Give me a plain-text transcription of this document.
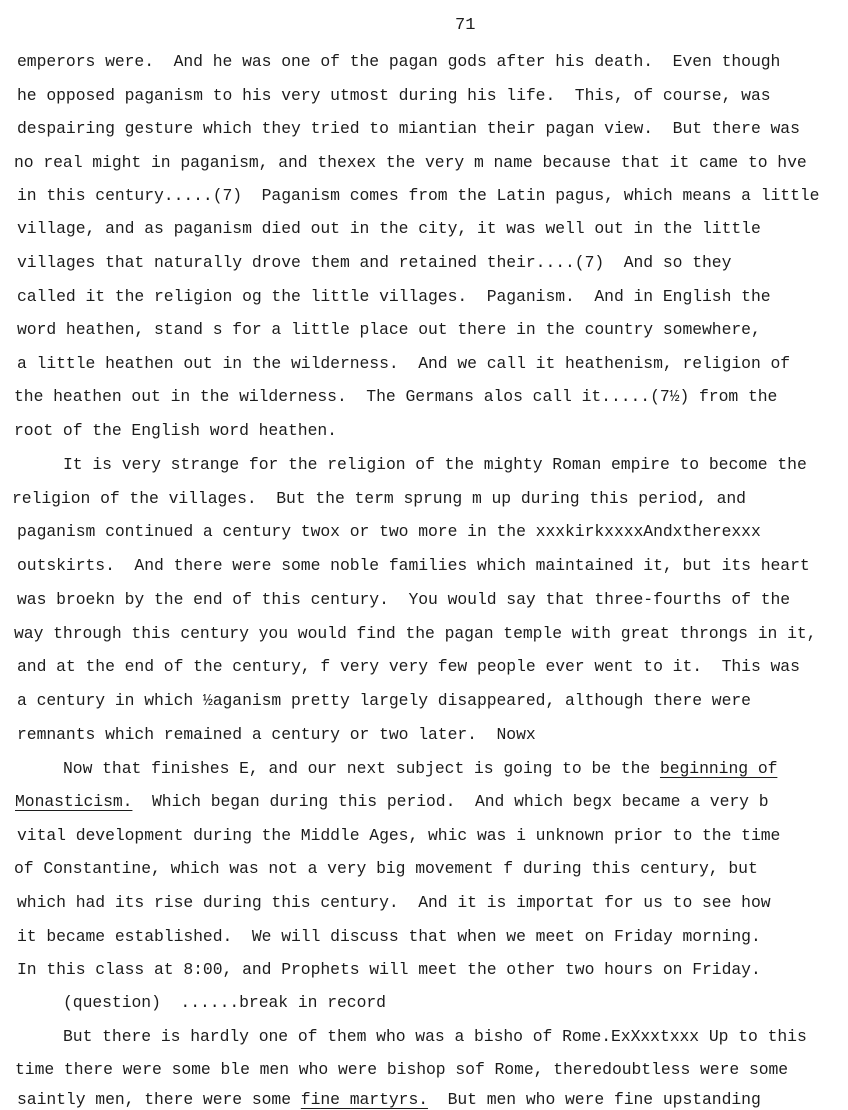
71
emperors were.  And he was one of the pagan gods after his death.  Even though
he opposed paganism to his very utmost during his life.  This, of course, was
despairing gesture which they tried to miantian their pagan view.  But there was
no real might in paganism, and thexex the very m name because that it came to hve
in this century.....(7)  Paganism comes from the Latin pagus, which means a little
village, and as paganism died out in the city, it was well out in the little
villages that naturally drove them and retained their....(7)  And so they
called it the religion og the little villages.  Paganism.  And in English the
word heathen, stand s for a little place out there in the country somewhere,
a little heathen out in the wilderness.  And we call it heathenism, religion of
the heathen out in the wilderness.  The Germans alos call it.....(7½) from the
root of the English word heathen.
It is very strange for the religion of the mighty Roman empire to become the
religion of the villages.  But the term sprung m up during this period, and
paganism continued a century twox or two more in the xxxkirkxxxxAndxtherexxx
outskirts.  And there were some noble families which maintained it, but its heart
was broekn by the end of this century.  You would say that three-fourths of the
way through this century you would find the pagan temple with great throngs in it,
and at the end of the century, f very very few people ever went to it.  This was
a century in which ½aganism pretty largely disappeared, although there were
remnants which remained a century or two later.  Nowx
Now that finishes E, and our next subject is going to be the beginning of
Monasticism.  Which began during this period.  And which begx became a very b
vital development during the Middle Ages, whic was i unknown prior to the time
of Constantine, which was not a very big movement f during this century, but
which had its rise during this century.  And it is importat for us to see how
it became established.  We will discuss that when we meet on Friday morning.
In this class at 8:00, and Prophets will meet the other two hours on Friday.
(question)  ......break in record
But there is hardly one of them who was a bisho of Rome.ExXxxtxxx Up to this
time there were some ble men who were bishop sof Rome, theredoubtless were some
saintly men, there were some fine martyrs.  But men who were fine upstanding
